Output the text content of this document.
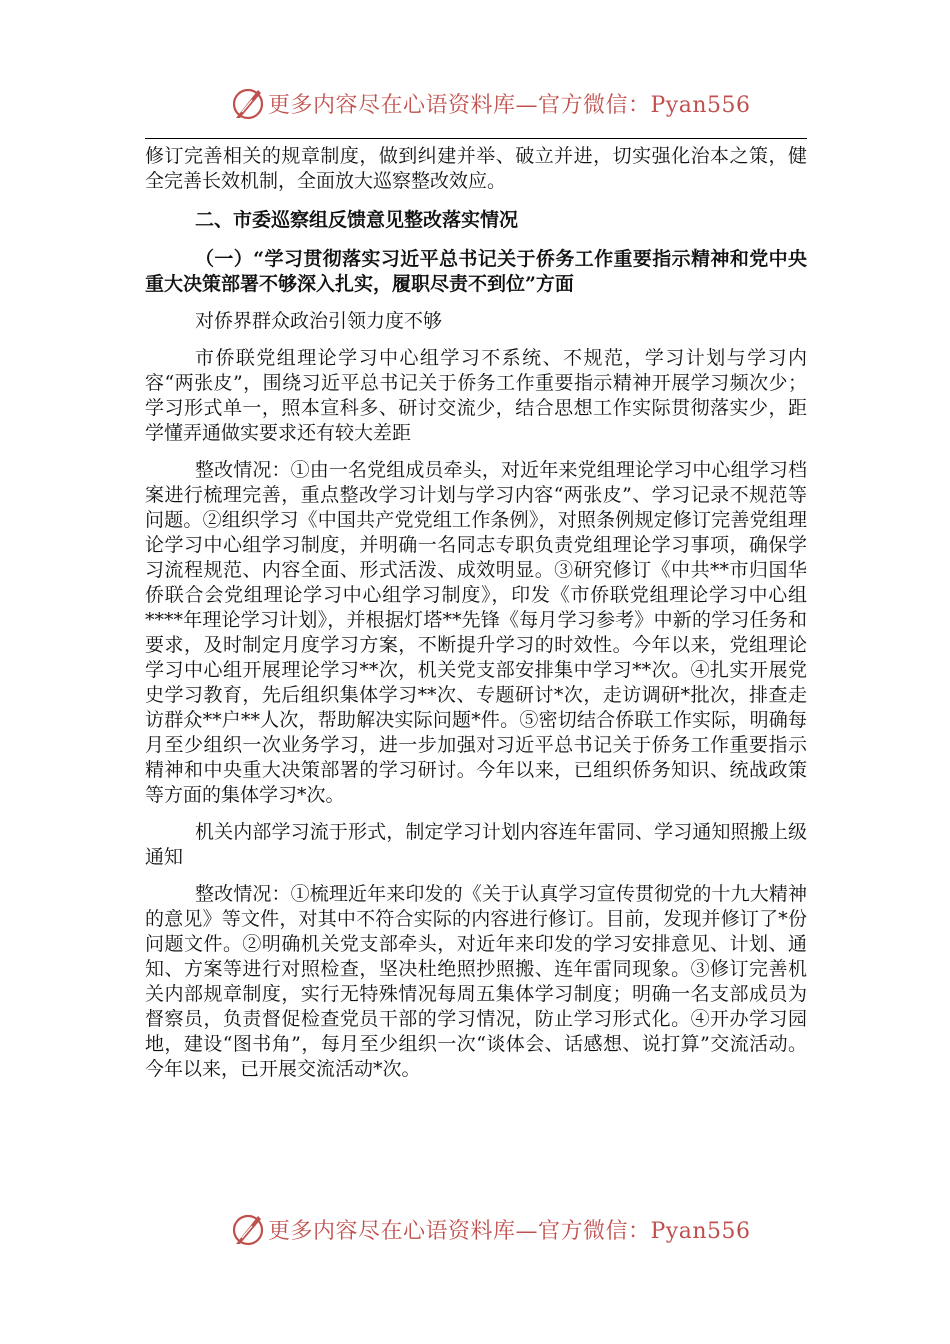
更多内容尽在心语资料库—官方微信：Pyan556

修订完善相关的规章制度，做到纠建并举、破立并进，切实强化治本之策，健全完善长效机制，全面放大巡察整改效应。

二、市委巡察组反馈意见整改落实情况

（一）“学习贯彻落实习近平总书记关于侨务工作重要指示精神和党中央重大决策部署不够深入扎实，履职尽责不到位”方面

对侨界群众政治引领力度不够

市侨联党组理论学习中心组学习不系统、不规范，学习计划与学习内容“两张皮”，围绕习近平总书记关于侨务工作重要指示精神开展学习频次少；学习形式单一，照本宣科多、研讨交流少，结合思想工作实际贯彻落实少，距学懂弄通做实要求还有较大差距

整改情况：①由一名党组成员牵头，对近年来党组理论学习中心组学习档案进行梳理完善，重点整改学习计划与学习内容“两张皮”、学习记录不规范等问题。②组织学习《中国共产党党组工作条例》，对照条例规定修订完善党组理论学习中心组学习制度，并明确一名同志专职负责党组理论学习事项，确保学习流程规范、内容全面、形式活泼、成效明显。③研究修订《中共**市归国华侨联合会党组理论学习中心组学习制度》，印发《市侨联党组理论学习中心组****年理论学习计划》，并根据灯塔**先锋《每月学习参考》中新的学习任务和要求，及时制定月度学习方案，不断提升学习的时效性。今年以来，党组理论学习中心组开展理论学习**次，机关党支部安排集中学习**次。④扎实开展党史学习教育，先后组织集体学习**次、专题研讨*次，走访调研*批次，排查走访群众**户**人次，帮助解决实际问题*件。⑤密切结合侨联工作实际，明确每月至少组织一次业务学习，进一步加强对习近平总书记关于侨务工作重要指示精神和中央重大决策部署的学习研讨。今年以来，已组织侨务知识、统战政策等方面的集体学习*次。

机关内部学习流于形式，制定学习计划内容连年雷同、学习通知照搬上级通知

整改情况：①梳理近年来印发的《关于认真学习宣传贯彻党的十九大精神的意见》等文件，对其中不符合实际的内容进行修订。目前，发现并修订了*份问题文件。②明确机关党支部牵头，对近年来印发的学习安排意见、计划、通知、方案等进行对照检查，坚决杜绝照抄照搬、连年雷同现象。③修订完善机关内部规章制度，实行无特殊情况每周五集体学习制度；明确一名支部成员为督察员，负责督促检查党员干部的学习情况，防止学习形式化。④开办学习园地，建设“图书角”，每月至少组织一次“谈体会、话感想、说打算”交流活动。今年以来，已开展交流活动*次。

更多内容尽在心语资料库—官方微信：Pyan556
